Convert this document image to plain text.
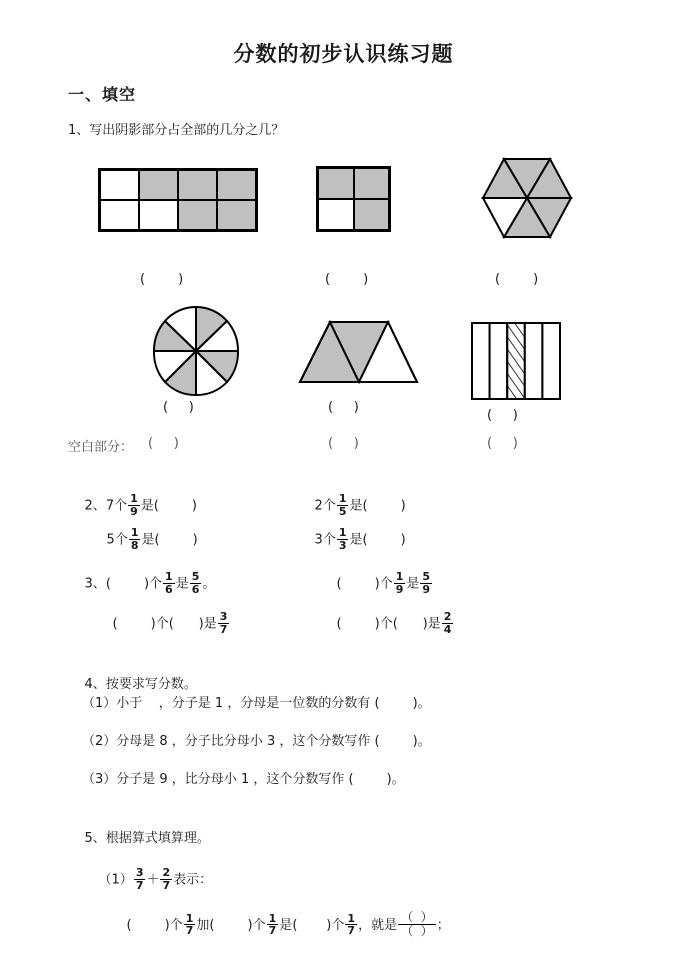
分数的初步认识练习题
一、填空
1、写出阴影部分占全部的几分之几？
(        )	(        )	(        )
(     )	(     )
(     )
空白部分： (     )	(     )	(     )

2、7个 $\frac{1}{9}$ 是(        )
	2个 $\frac{1}{5}$ 是(        )

5个 $\frac{1}{8}$ 是(        )
	3个 $\frac{1}{3}$ 是(        )

3、(        )个 $\frac{1}{6}$ 是 $\frac{5}{6}$ 。
	(        )个 $\frac{1}{9}$ 是 $\frac{5}{9}$

(        )个(      )是 $\frac{3}{7}$

	(        )个(      )是 $\frac{2}{4}$

4、按要求写分数。

（1）小于    ，分子是 1 ，分母是一位数的分数有 (        )。
（2）分母是 8 ，分子比分母小 3 ，这个分数写作 (        )。
（3）分子是 9 ，比分母小 1 ，这个分数写作 (        )。

5、根据算式填算理。

$(1) \frac{3}{7} + \frac{2}{7}$ 表示：

(        )个 $\frac{1}{7}$ 加(        )个 $\frac{1}{7}$ 是(       )个 $\frac{1}{7}$ ，就是 $\frac{( )}{( )}$ ；
